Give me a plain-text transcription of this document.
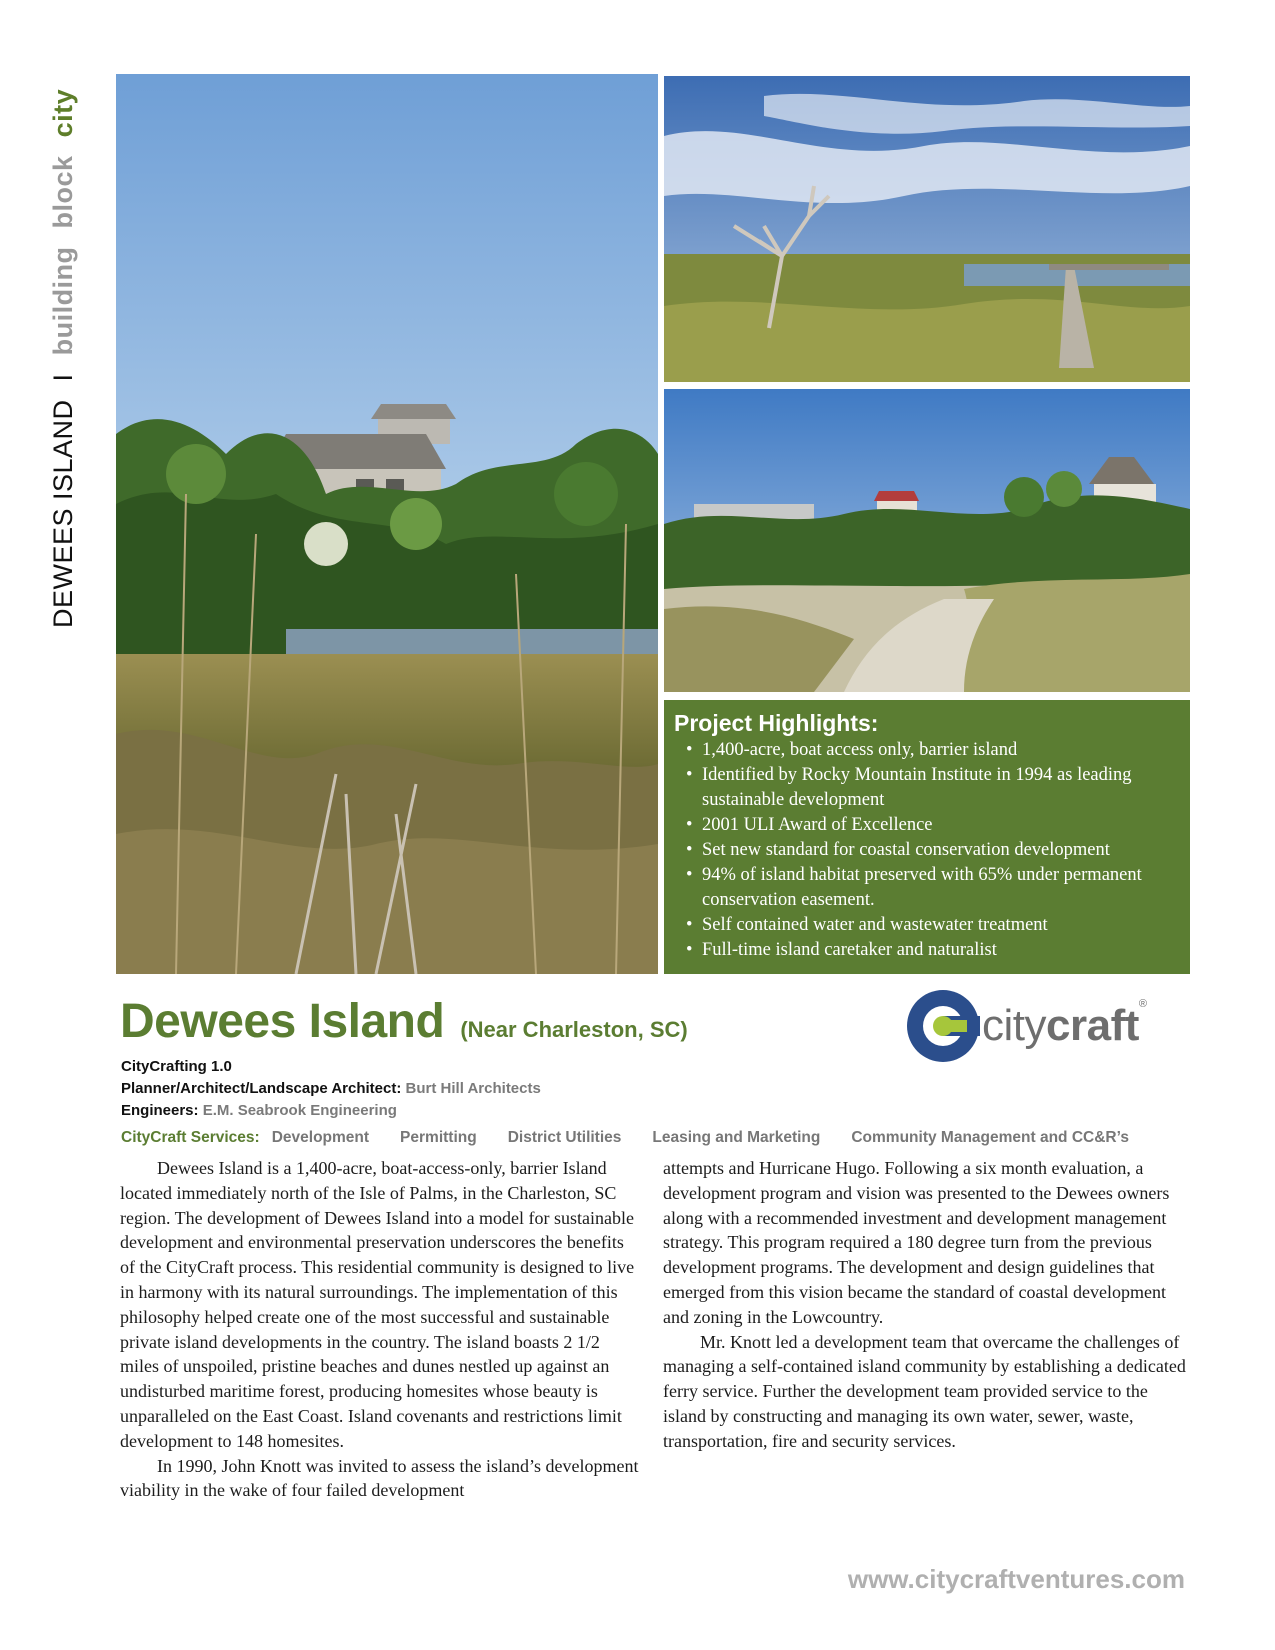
DEWEES ISLAND
I
building
block
city
Project Highlights:
• 1,400-acre, boat access only, barrier island
• Identified by Rocky Mountain Institute in 1994 as leading sustainable development
• 2001 ULI Award of Excellence
• Set new standard for coastal conservation development
• 94% of island habitat preserved with 65% under permanent conservation easement.
• Self contained water and wastewater treatment
• Full-time island caretaker and naturalist
Dewees Island (Near Charleston, SC)	citycraft ®
CityCrafting 1.0
Planner/Architect/Landscape Architect: Burt Hill Architects
Engineers: E.M. Seabrook Engineering
CityCraft Services: Development Permitting District Utilities Leasing and Marketing Community Management and CC&R’s

Dewees Island is a 1,400-acre, boat-access-only, barrier Island located immediately north of the Isle of Palms, in the Charleston, SC region. The development of Dewees Island into a model for sustainable development and environmental preservation underscores the benefits of the CityCraft process. This residential community is designed to live in harmony with its natural surroundings. The implementation of this philosophy helped create one of the most successful and sustainable private island developments in the country. The island boasts 2 1/2 miles of unspoiled, pristine beaches and dunes nestled up against an undisturbed maritime forest, producing homesites whose beauty is unparalleled on the East Coast. Island covenants and restrictions limit development to 148 homesites.

In 1990, John Knott was invited to assess the island’s development viability in the wake of four failed development

attempts and Hurricane Hugo. Following a six month evaluation, a development program and vision was presented to the Dewees owners along with a recommended investment and development management strategy. This program required a 180 degree turn from the previous development programs. The development and design guidelines that emerged from this vision became the standard of coastal development and zoning in the Lowcountry.

Mr. Knott led a development team that overcame the challenges of managing a self-contained island community by establishing a dedicated ferry service. Further the development team provided service to the island by constructing and managing its own water, sewer, waste, transportation, fire and security services.

www.citycraftventures.com
